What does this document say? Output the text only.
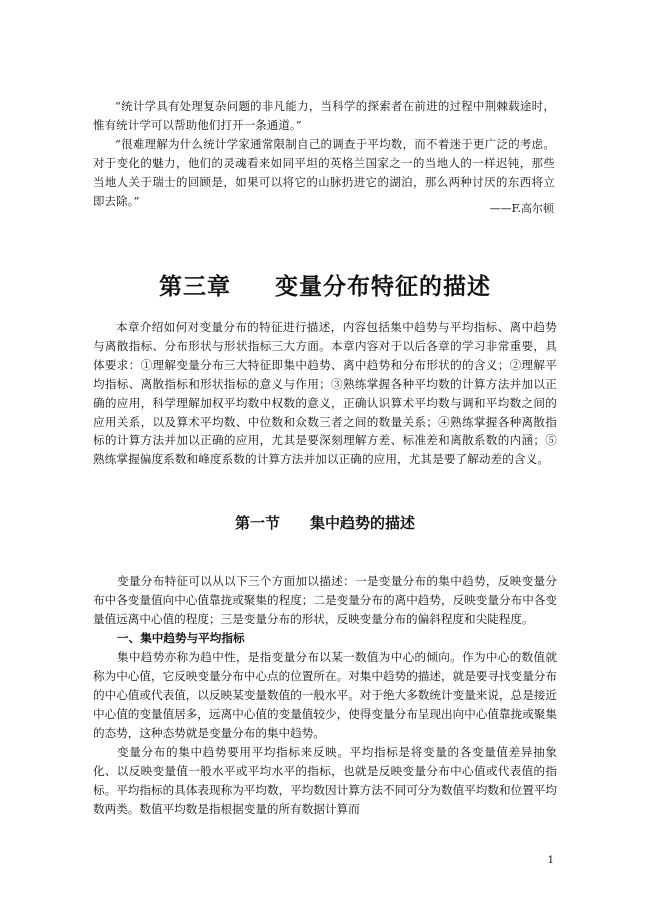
“统计学具有处理复杂问题的非凡能力，当科学的探索者在前进的过程中荆棘载途时，惟有统计学可以帮助他们打开一条通道。”

“很难理解为什么统计学家通常限制自己的调查于平均数，而不着迷于更广泛的考虑。对于变化的魅力，他们的灵魂看来如同平坦的英格兰国家之一的当地人的一样迟钝，那些当地人关于瑞士的回顾是，如果可以将它的山脉扔进它的湖泊，那么两种讨厌的东西将立即去除。”

——F.高尔顿
第三章 变量分布特征的描述
本章介绍如何对变量分布的特征进行描述，内容包括集中趋势与平均指标、离中趋势与离散指标、分布形状与形状指标三大方面。本章内容对于以后各章的学习非常重要，具体要求：①理解变量分布三大特征即集中趋势、离中趋势和分布形状的的含义；②理解平均指标、离散指标和形状指标的意义与作用；③熟练掌握各种平均数的计算方法并加以正确的应用，科学理解加权平均数中权数的意义，正确认识算术平均数与调和平均数之间的应用关系，以及算术平均数、中位数和众数三者之间的数量关系；④熟练掌握各种离散指标的计算方法并加以正确的应用，尤其是要深刻理解方差、标准差和离散系数的内涵；⑤熟练掌握偏度系数和峰度系数的计算方法并加以正确的应用，尤其是要了解动差的含义。
第一节 集中趋势的描述

变量分布特征可以从以下三个方面加以描述：一是变量分布的集中趋势，反映变量分布中各变量值向中心值靠拢或聚集的程度；二是变量分布的离中趋势，反映变量分布中各变量值远离中心值的程度；三是变量分布的形状，反映变量分布的偏斜程度和尖陡程度。

一、集中趋势与平均指标

集中趋势亦称为趋中性，是指变量分布以某一数值为中心的倾向。作为中心的数值就称为中心值，它反映变量分布中心点的位置所在。对集中趋势的描述，就是要寻找变量分布的中心值或代表值，以反映某变量数值的一般水平。对于绝大多数统计变量来说，总是接近中心值的变量值居多，远离中心值的变量值较少，使得变量分布呈现出向中心值靠拢或聚集的态势，这种态势就是变量分布的集中趋势。

变量分布的集中趋势要用平均指标来反映。平均指标是将变量的各变量值差异抽象化、以反映变量值一般水平或平均水平的指标，也就是反映变量分布中心值或代表值的指标。平均指标的具体表现称为平均数，平均数因计算方法不同可分为数值平均数和位置平均数两类。数值平均数是指根据变量的所有数据计算而

1
